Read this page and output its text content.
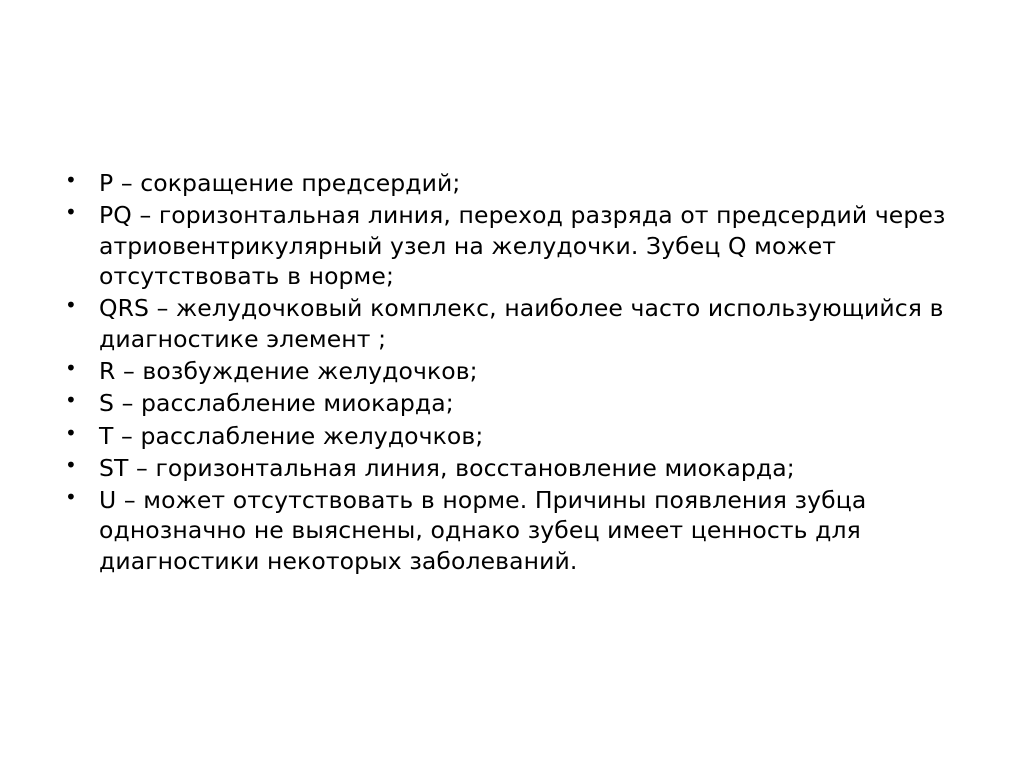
• P – сокращение предсердий;
• PQ – горизонтальная линия, переход разряда от предсердий через атриовентрикулярный узел на желудочки. Зубец Q может отсутствовать в норме;
• QRS – желудочковый комплекс, наиболее часто использующийся в диагностике элемент ;
• R – возбуждение желудочков;
• S – расслабление миокарда;
• T – расслабление желудочков;
• ST – горизонтальная линия, восстановление миокарда;
• U – может отсутствовать в норме. Причины появления зубца однозначно не выяснены, однако зубец имеет ценность для диагностики некоторых заболеваний.
